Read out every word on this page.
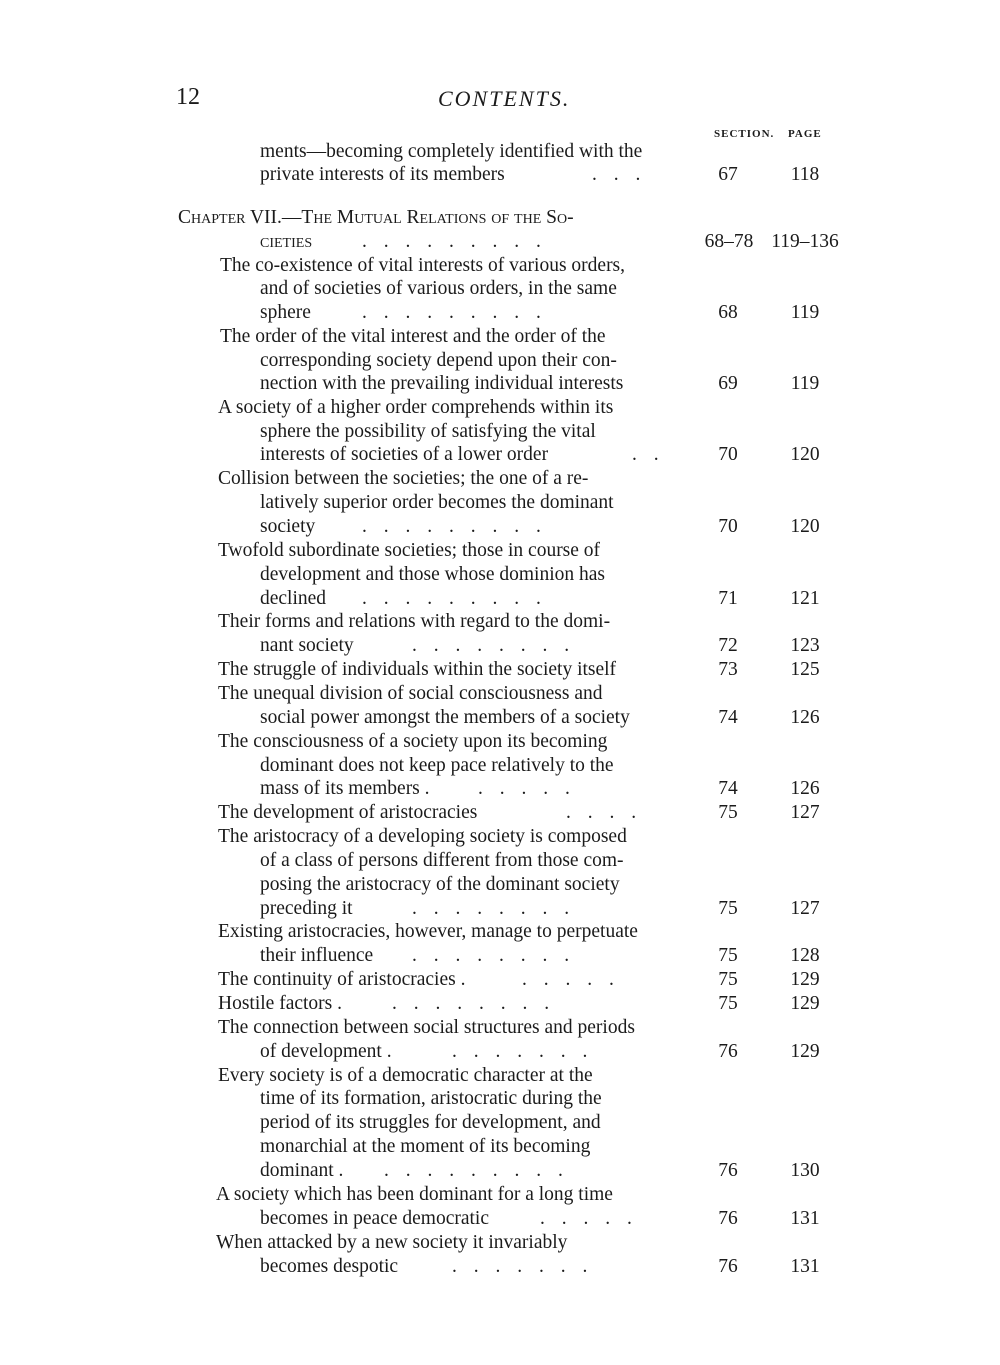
12	CONTENTS.
SECTION. PAGE
ments—becoming completely identified with the
private interests of its members	. . .	67	118
Chapter VII.—The Mutual Relations of the So-
cieties	. . . . . . . . .	68–78 119–136
The co-existence of vital interests of various orders,
and of societies of various orders, in the same
sphere	. . . . . . . . .	68	119
The order of the vital interest and the order of the
corresponding society depend upon their con-
nection with the prevailing individual interests	69	119
A society of a higher order comprehends within its
sphere the possibility of satisfying the vital
interests of societies of a lower order	. .	70	120
Collision between the societies; the one of a re-
latively superior order becomes the dominant
society . . . . . . . . .	70	120
Twofold subordinate societies; those in course of
development and those whose dominion has
declined . . . . . . . . .	71	121
Their forms and relations with regard to the domi-
nant society	. . . . . . . .	72	123
The struggle of individuals within the society itself	73	125
The unequal division of social consciousness and
social power amongst the members of a society	74	126
The consciousness of a society upon its becoming
dominant does not keep pace relatively to the
mass of its members . . . . . .	74	126
The development of aristocracies	. . . .	75	127
The aristocracy of a developing society is composed
of a class of persons different from those com-
posing the aristocracy of the dominant society
preceding it	. . . . . . . .	75	127
Existing aristocracies, however, manage to perpetuate
their influence . . . . . . . .	75	128
The continuity of aristocracies .	. . . . .	75	129
Hostile factors .	. . . . . . . .	75	129
The connection between social structures and periods
of development .	. . . . . . .	76	129
Every society is of a democratic character at the
time of its formation, aristocratic during the
period of its struggles for development, and
monarchial at the moment of its becoming
dominant . . . . . . . . . .	76	130
A society which has been dominant for a long time
becomes in peace democratic	. . . . .	76	131
When attacked by a new society it invariably
becomes despotic	. . . . . . .	76	131
